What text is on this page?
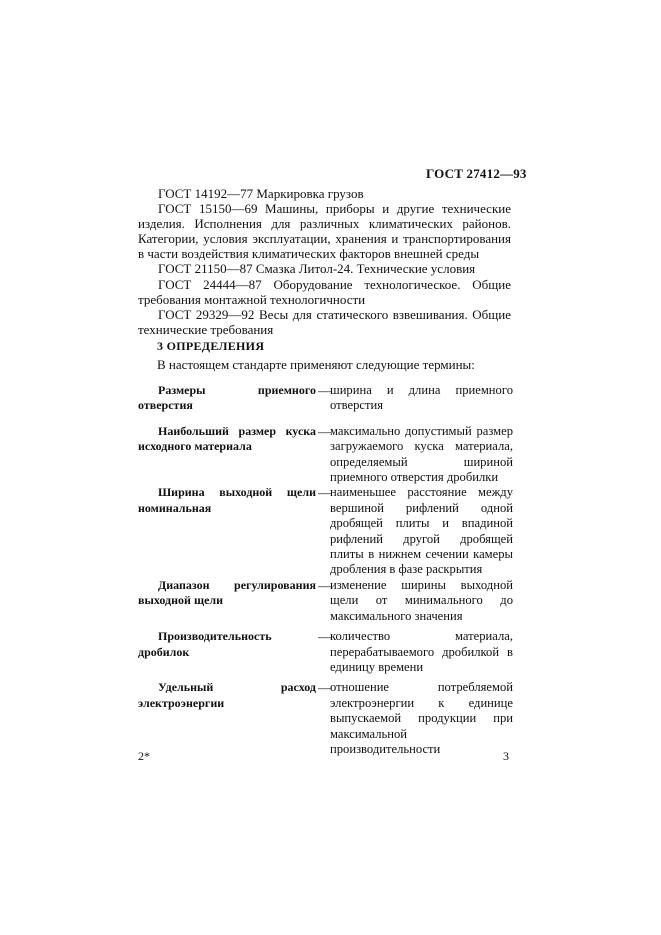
ГОСТ 27412—93

ГОСТ 14192—77 Маркировка грузов

ГОСТ 15150—69 Машины, приборы и другие технические изделия. Исполнения для различных климатических районов. Категории, условия эксплуатации, хранения и транспортирования в части воздействия климатических факторов внешней среды

ГОСТ 21150—87 Смазка Литол-24. Технические условия

ГОСТ 24444—87 Оборудование технологическое. Общие требования монтажной технологичности

ГОСТ 29329—92 Весы для статического взвешивания. Общие технические требования

3 ОПРЕДЕЛЕНИЯ
В настоящем стандарте применяют следующие термины:
Размеры приемного отверстия
— ширина и длина приемного отверстия
Наибольший размер куска исходного материала
— максимально допустимый размер загружаемого куска материала, определяемый шириной приемного отверстия дробилки
Ширина выходной щели номинальная
— наименьшее расстояние между вершиной рифлений одной дробящей плиты и впадиной рифлений другой дробящей плиты в нижнем сечении камеры дробления в фазе раскрытия
Диапазон регулирования выходной щели
— изменение ширины выходной щели от минимального до максимального значения
Производительность дробилок
— количество материала, перерабатываемого дробилкой в единицу времени
Удельный расход электроэнергии
— отношение потребляемой электроэнергии к единице выпускаемой продукции при максимальной производительности
2*	3
